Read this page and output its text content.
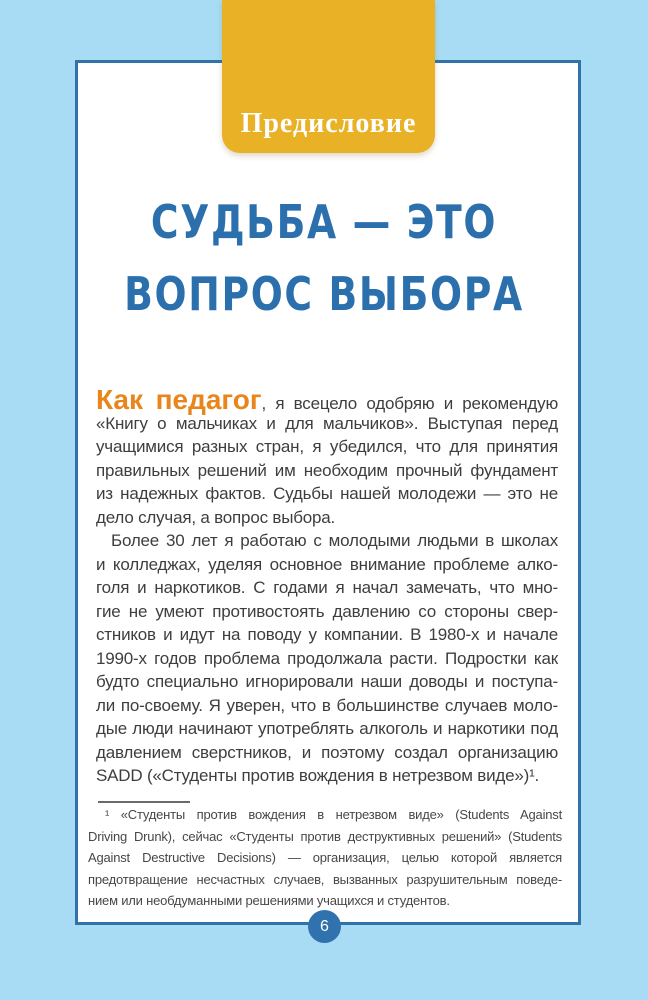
Предисловие
СУДЬБА — ЭТО
ВОПРОС ВЫБОРА
Как педагог, я всецело одобряю и рекомендую
«Книгу о мальчиках и для мальчиков». Выступая перед
учащимися разных стран, я убедился, что для принятия
правильных решений им необходим прочный фундамент
из надежных фактов. Судьбы нашей молодежи — это не
дело случая, а вопрос выбора.
Более 30 лет я работаю с молодыми людьми в школах
и колледжах, уделяя основное внимание проблеме алко-
голя и наркотиков. С годами я начал замечать, что мно-
гие не умеют противостоять давлению со стороны свер-
стников и идут на поводу у компании. В 1980-х и начале
1990-х годов проблема продолжала расти. Подростки как
будто специально игнорировали наши доводы и поступа-
ли по-своему. Я уверен, что в большинстве случаев моло-
дые люди начинают употреблять алкоголь и наркотики под
давлением сверстников, и поэтому создал организацию
SADD («Студенты против вождения в нетрезвом виде»)¹.
¹ «Студенты против вождения в нетрезвом виде» (Students Against
Driving Drunk), сейчас «Студенты против деструктивных решений» (Students
Against Destructive Decisions) — организация, целью которой является
предотвращение несчастных случаев, вызванных разрушительным поведе-
нием или необдуманными решениями учащихся и студентов.
6
